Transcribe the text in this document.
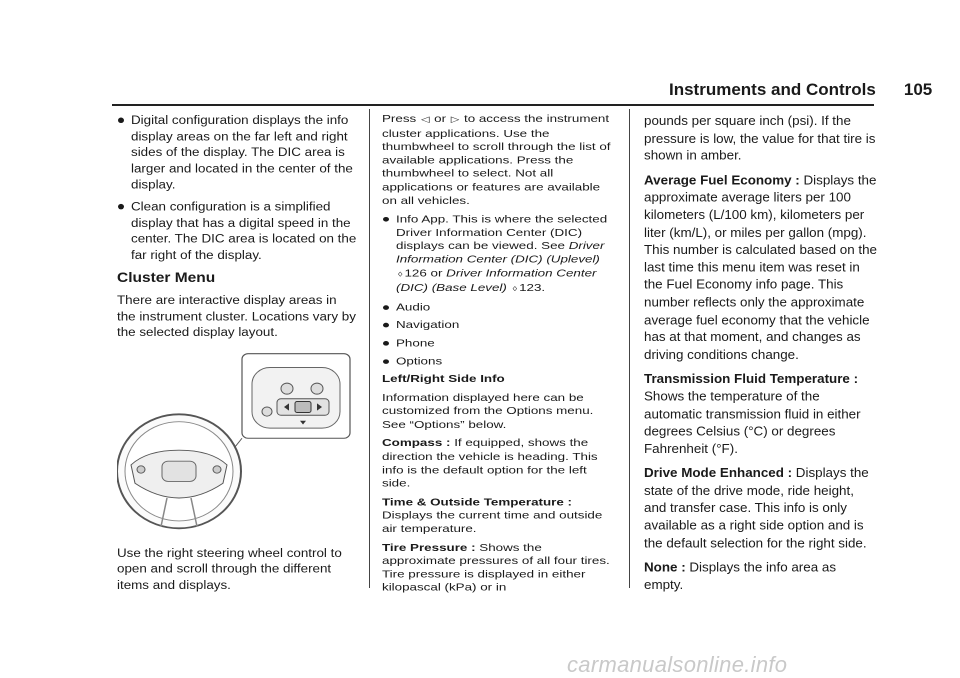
Instruments and Controls 105
Digital configuration displays the info display areas on the far left and right sides of the display. The DIC area is larger and located in the center of the display.
Clean configuration is a simplified display that has a digital speed in the center. The DIC area is located on the far right of the display.
Cluster Menu

There are interactive display areas in the instrument cluster. Locations vary by the selected display layout.

Use the right steering wheel control to open and scroll through the different items and displays.

Press ◁ or ▷ to access the instrument cluster applications. Use the thumbwheel to scroll through the list of available applications. Press the thumbwheel to select. Not all applications or features are available on all vehicles.

Info App. This is where the selected Driver Information Center (DIC) displays can be viewed. See Driver Information Center (DIC) (Uplevel) ◊ 126 or Driver Information Center (DIC) (Base Level) ◊ 123.
Audio
Navigation
Phone
Options

Left/Right Side Info

Information displayed here can be customized from the Options menu. See “Options” below.

Compass : If equipped, shows the direction the vehicle is heading. This info is the default option for the left side.

Time & Outside Temperature : Displays the current time and outside air temperature.

Tire Pressure : Shows the approximate pressures of all four tires. Tire pressure is displayed in either kilopascal (kPa) or in

pounds per square inch (psi). If the pressure is low, the value for that tire is shown in amber.

Average Fuel Economy : Displays the approximate average liters per 100 kilometers (L/100 km), kilometers per liter (km/L), or miles per gallon (mpg). This number is calculated based on the last time this menu item was reset in the Fuel Economy info page. This number reflects only the approximate average fuel economy that the vehicle has at that moment, and changes as driving conditions change.

Transmission Fluid Temperature : Shows the temperature of the automatic transmission fluid in either degrees Celsius (°C) or degrees Fahrenheit (°F).

Drive Mode Enhanced : Displays the state of the drive mode, ride height, and transfer case. This info is only available as a right side option and is the default selection for the right side.

None : Displays the info area as empty.

carmanualsonline.info
